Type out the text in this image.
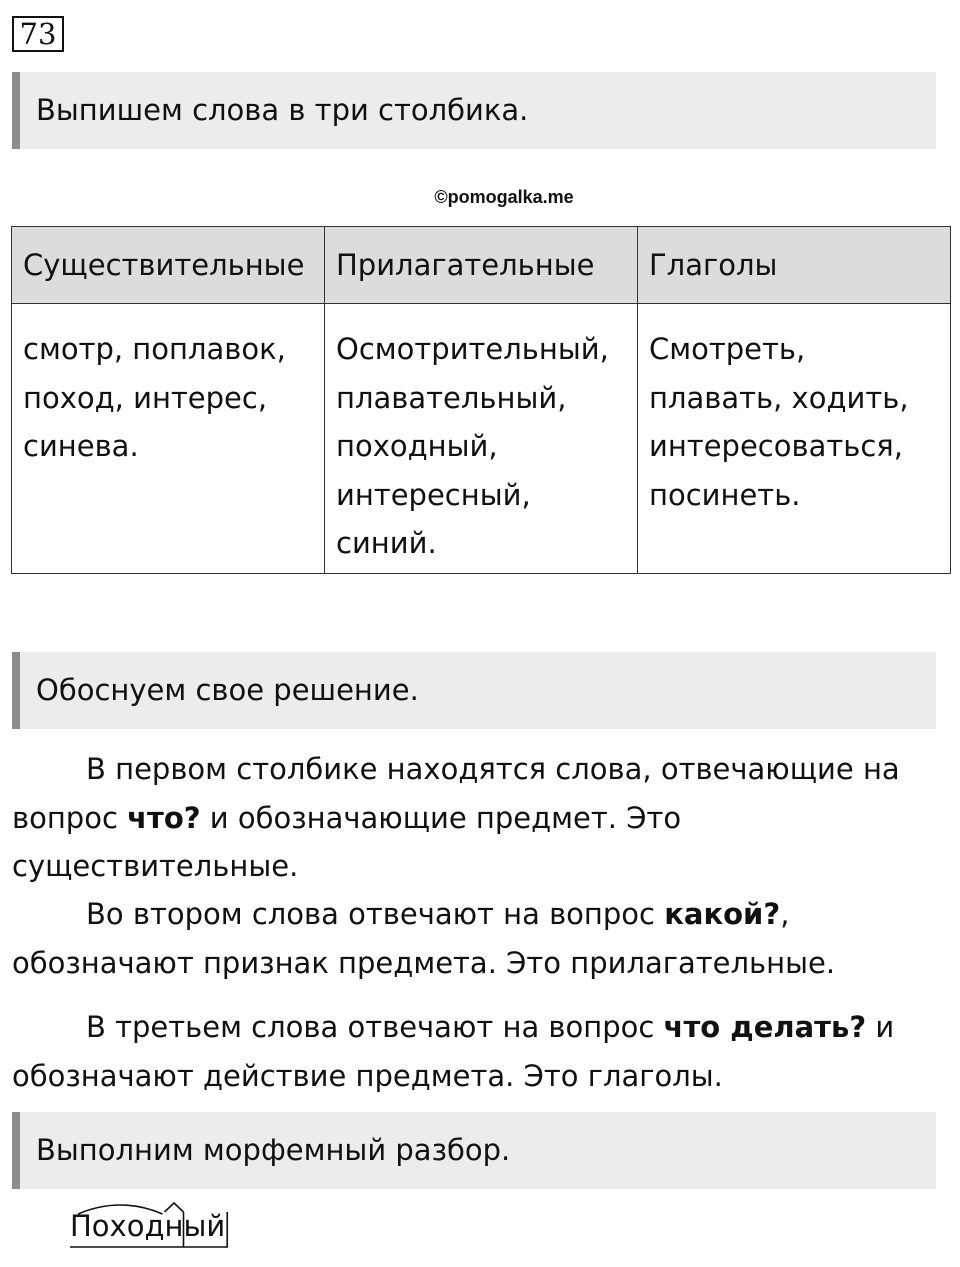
73
Выпишем слова в три столбика.
©pomogalka.me
Существительные	Прилагательные	Глаголы

смотр, поплавок,
поход, интерес,
синева.	Осмотрительный,
плавательный,
походный,
интересный,
синий.	Смотреть,
плавать, ходить,
интересоваться,
посинеть.
Обоснуем свое решение.
В первом столбике находятся слова, отвечающие на
вопрос что? и обозначающие предмет. Это
существительные.
Во втором слова отвечают на вопрос какой?,
обозначают признак предмета. Это прилагательные.
В третьем слова отвечают на вопрос что делать? и
обозначают действие предмета. Это глаголы.
Выполним морфемный разбор.
Походный
